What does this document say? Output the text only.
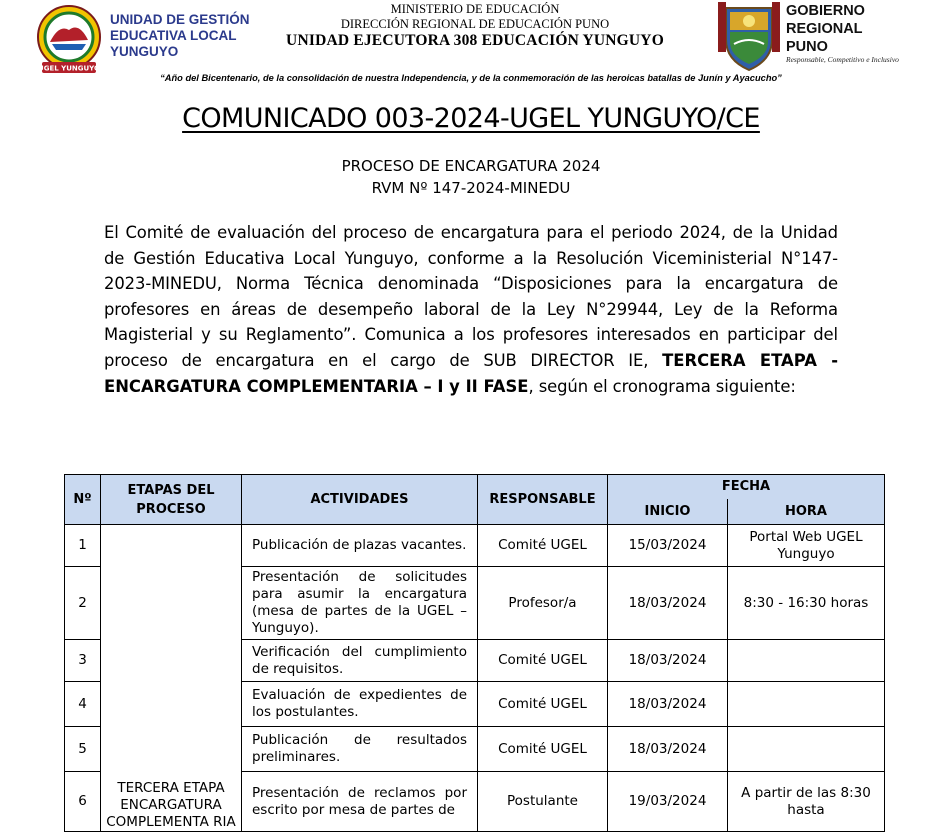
UGEL YUNGUYO
UNIDAD DE GESTIÓN
EDUCATIVA LOCAL
YUNGUYO
MINISTERIO DE EDUCACIÓN
DIRECCIÓN REGIONAL DE EDUCACIÓN PUNO
UNIDAD EJECUTORA 308 EDUCACIÓN YUNGUYO
GOBIERNO
REGIONAL
PUNO
Responsable, Competitivo e Inclusivo
“Año del Bicentenario, de la consolidación de nuestra Independencia, y de la conmemoración de las heroicas batallas de Junín y Ayacucho”
COMUNICADO 003-2024-UGEL YUNGUYO/CE
PROCESO DE ENCARGATURA 2024
RVM Nº 147-2024-MINEDU
El Comité de evaluación del proceso de encargatura para el periodo 2024, de la Unidad de Gestión Educativa Local Yunguyo, conforme a la Resolución Viceministerial N°147- 2023-MINEDU, Norma Técnica denominada “Disposiciones para la encargatura de profesores en áreas de desempeño laboral de la Ley N°29944, Ley de la Reforma Magisterial y su Reglamento”. Comunica a los profesores interesados en participar del proceso de encargatura en el cargo de SUB DIRECTOR IE, TERCERA ETAPA - ENCARGATURA COMPLEMENTARIA – I y II FASE, según el cronograma siguiente:
Nº	ETAPAS DEL PROCESO	ACTIVIDADES	RESPONSABLE	FECHA	
				INICIO	HORA
1	TERCERA ETAPA ENCARGATURA COMPLEMENTA RIA	Publicación de plazas vacantes.	Comité UGEL	15/03/2024	Portal Web UGEL Yunguyo
2		Presentación de solicitudes para asumir la encargatura (mesa de partes de la UGEL – Yunguyo).	Profesor/a	18/03/2024	8:30 - 16:30 horas
3		Verificación del cumplimiento de requisitos.	Comité UGEL	18/03/2024	
4		Evaluación de expedientes de los postulantes.	Comité UGEL	18/03/2024	
5		Publicación de resultados preliminares.	Comité UGEL	18/03/2024	
6		Presentación de reclamos por escrito por mesa de partes de	Postulante	19/03/2024	A partir de las 8:30 hasta
